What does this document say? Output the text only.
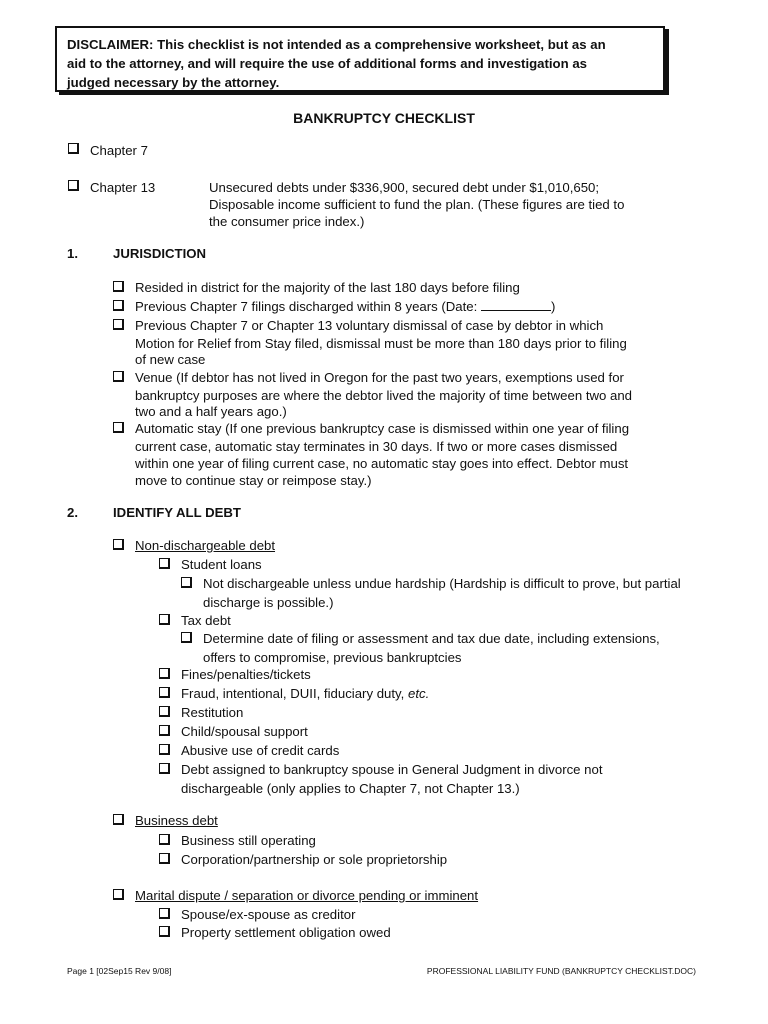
DISCLAIMER: This checklist is not intended as a comprehensive worksheet, but as an
aid to the attorney, and will require the use of additional forms and investigation as
judged necessary by the attorney.
BANKRUPTCY CHECKLIST
Chapter 7
Chapter 13	Unsecured debts under $336,900, secured debt under $1,010,650;
Disposable income sufficient to fund the plan. (These figures are tied to
the consumer price index.)
1.	JURISDICTION
Resided in district for the majority of the last 180 days before filing
Previous Chapter 7 filings discharged within 8 years (Date:	)
Previous Chapter 7 or Chapter 13 voluntary dismissal of case by debtor in which
Motion for Relief from Stay filed, dismissal must be more than 180 days prior to filing
of new case
Venue (If debtor has not lived in Oregon for the past two years, exemptions used for
bankruptcy purposes are where the debtor lived the majority of time between two and
two and a half years ago.)
Automatic stay (If one previous bankruptcy case is dismissed within one year of filing
current case, automatic stay terminates in 30 days. If two or more cases dismissed
within one year of filing current case, no automatic stay goes into effect. Debtor must
move to continue stay or reimpose stay.)
2.	IDENTIFY ALL DEBT
Non-dischargeable debt
Student loans
Not dischargeable unless undue hardship (Hardship is difficult to prove, but partial
discharge is possible.)
Tax debt
Determine date of filing or assessment and tax due date, including extensions,
offers to compromise, previous bankruptcies
Fines/penalties/tickets
Fraud, intentional, DUII, fiduciary duty, etc.
Restitution
Child/spousal support
Abusive use of credit cards
Debt assigned to bankruptcy spouse in General Judgment in divorce not
dischargeable (only applies to Chapter 7, not Chapter 13.)
Business debt
Business still operating
Corporation/partnership or sole proprietorship
Marital dispute / separation or divorce pending or imminent
Spouse/ex-spouse as creditor
Property settlement obligation owed
Page 1 [02Sep15 Rev 9/08]	PROFESSIONAL LIABILITY FUND (BANKRUPTCY CHECKLIST.DOC)
